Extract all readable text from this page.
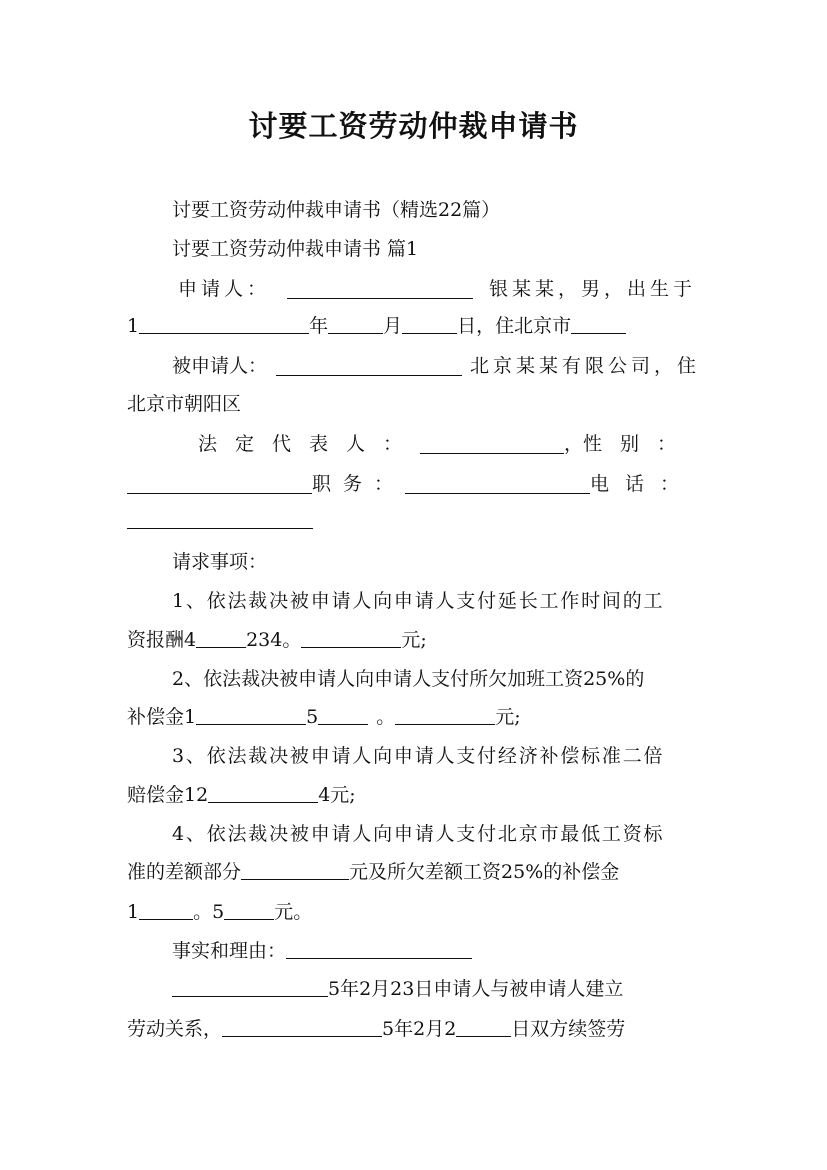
讨要工资劳动仲裁申请书
讨要工资劳动仲裁申请书（精选22篇）
讨要工资劳动仲裁申请书 篇1
申请人：	银某某，男，出生于
1	年	月	日，住北京市
被申请人：	北京某某有限公司，住
北京市朝阳区
法定代表人：	， 性别：
职务：	电话：
请求事项：
1、依法裁决被申请人向申请人支付延长工作时间的工
资报酬4	234。	元;
2、依法裁决被申请人向申请人支付所欠加班工资25%的
补偿金1	5	。	元;
3、依法裁决被申请人向申请人支付经济补偿标准二倍
赔偿金12	4元;
4、依法裁决被申请人向申请人支付北京市最低工资标
准的差额部分	元及所欠差额工资25%的补偿金
1	。5	元。
事实和理由：
5年2月23日申请人与被申请人建立
劳动关系，	5年2月2	日双方续签劳
